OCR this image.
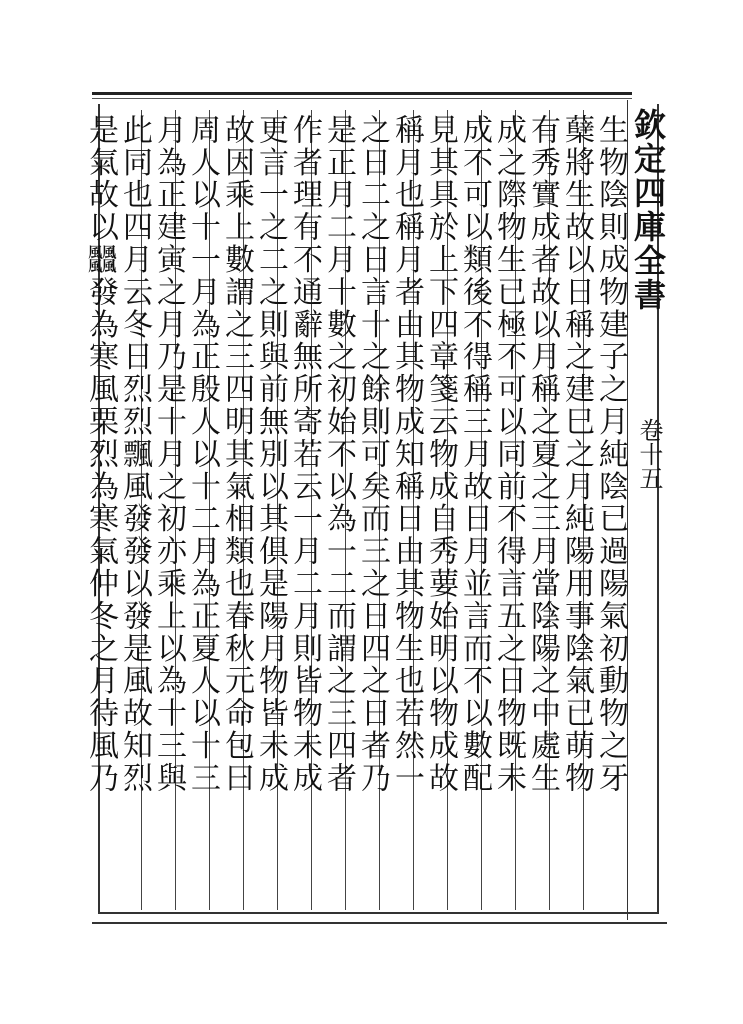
欽定四庫全書
卷十五
生物陰則成物建子之月純陰已過陽氣初動物之牙
蘖將生故以日稱之建巳之月純陽用事陰氣已萌物
有秀實成者故以月稱之夏之三月當陰陽之中處生
成之際物生已極不可以同前不得言五之日物既未
成不可以類後不得稱三月故日月並言而不以數配
見其具於上下四章箋云物成自秀葽始明以物成故
稱月也稱月者由其物成知稱日由其物生也若然一
之日二之日言十之餘則可矣而三之日四之日者乃
是正月二月十數之初始不以為一二而謂之三四者
作者理有不通辭無所寄若云一月二月則皆物未成
更言一之二之則與前無別以其俱是陽月物皆未成
故因乘上數謂之三四明其氣相類也春秋元命包曰
周人以十一月為正殷人以十二月為正夏人以十三
月為正建寅之月乃是十月之初亦乘上以為十三與
此同也四月云冬日烈烈飄風發發以發是風故知烈
是氣故以𩙡發為寒風栗烈為寒氣仲冬之月待風乃
